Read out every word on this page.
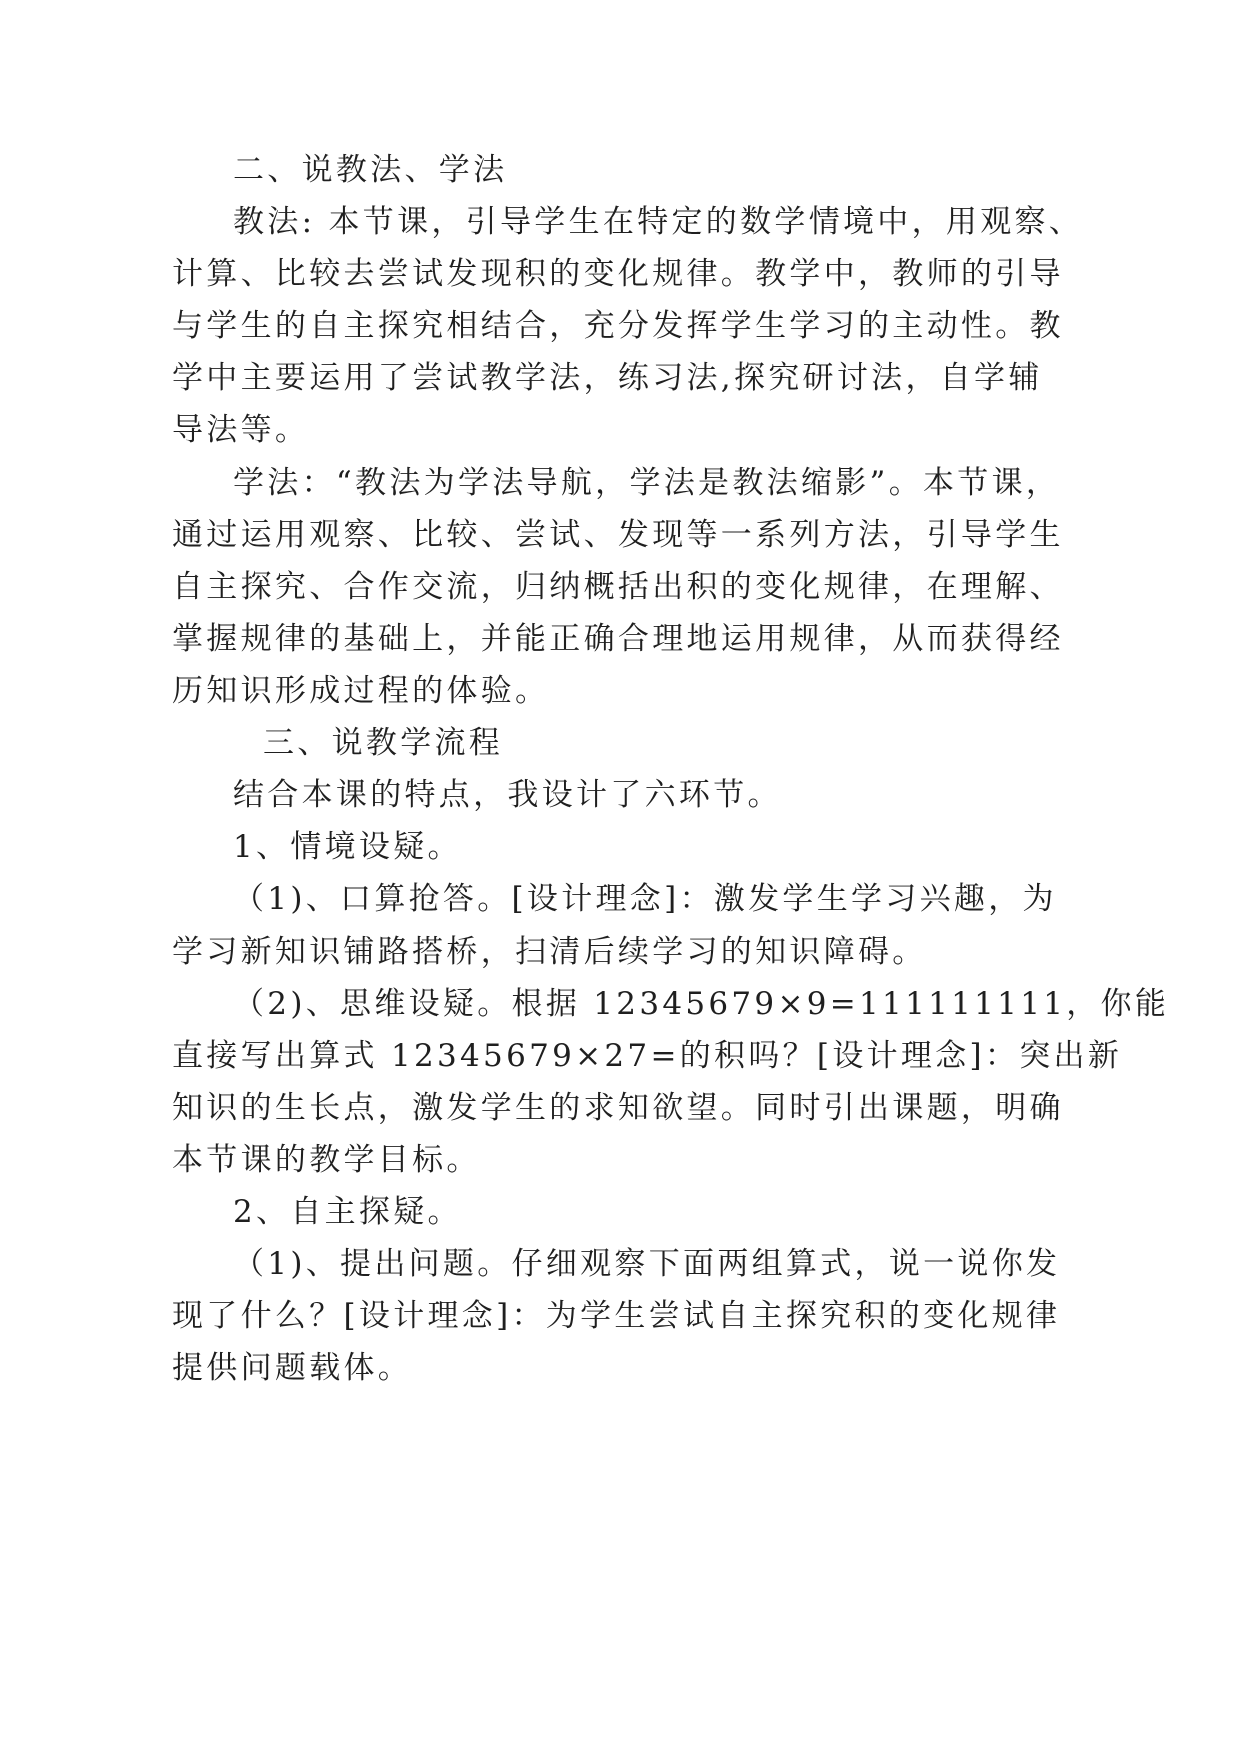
二、说教法、学法
教法: 本节课，引导学生在特定的数学情境中，用观察、
计算、比较去尝试发现积的变化规律。教学中，教师的引导
与学生的自主探究相结合，充分发挥学生学习的主动性。教
学中主要运用了尝试教学法，练习法,探究研讨法，自学辅
导法等。
学法：“教法为学法导航，学法是教法缩影”。本节课，
通过运用观察、比较、尝试、发现等一系列方法，引导学生
自主探究、合作交流，归纳概括出积的变化规律，在理解、
掌握规律的基础上，并能正确合理地运用规律，从而获得经
历知识形成过程的体验。
三、说教学流程
结合本课的特点，我设计了六环节。
1、情境设疑。
（1)、口算抢答。[设计理念]：激发学生学习兴趣，为
学习新知识铺路搭桥，扫清后续学习的知识障碍。
（2)、思维设疑。根据 12345679×9=111111111，你能
直接写出算式 12345679×27=的积吗？[设计理念]：突出新
知识的生长点，激发学生的求知欲望。同时引出课题，明确
本节课的教学目标。
2、自主探疑。
（1)、提出问题。仔细观察下面两组算式，说一说你发
现了什么？[设计理念]：为学生尝试自主探究积的变化规律
提供问题载体。
